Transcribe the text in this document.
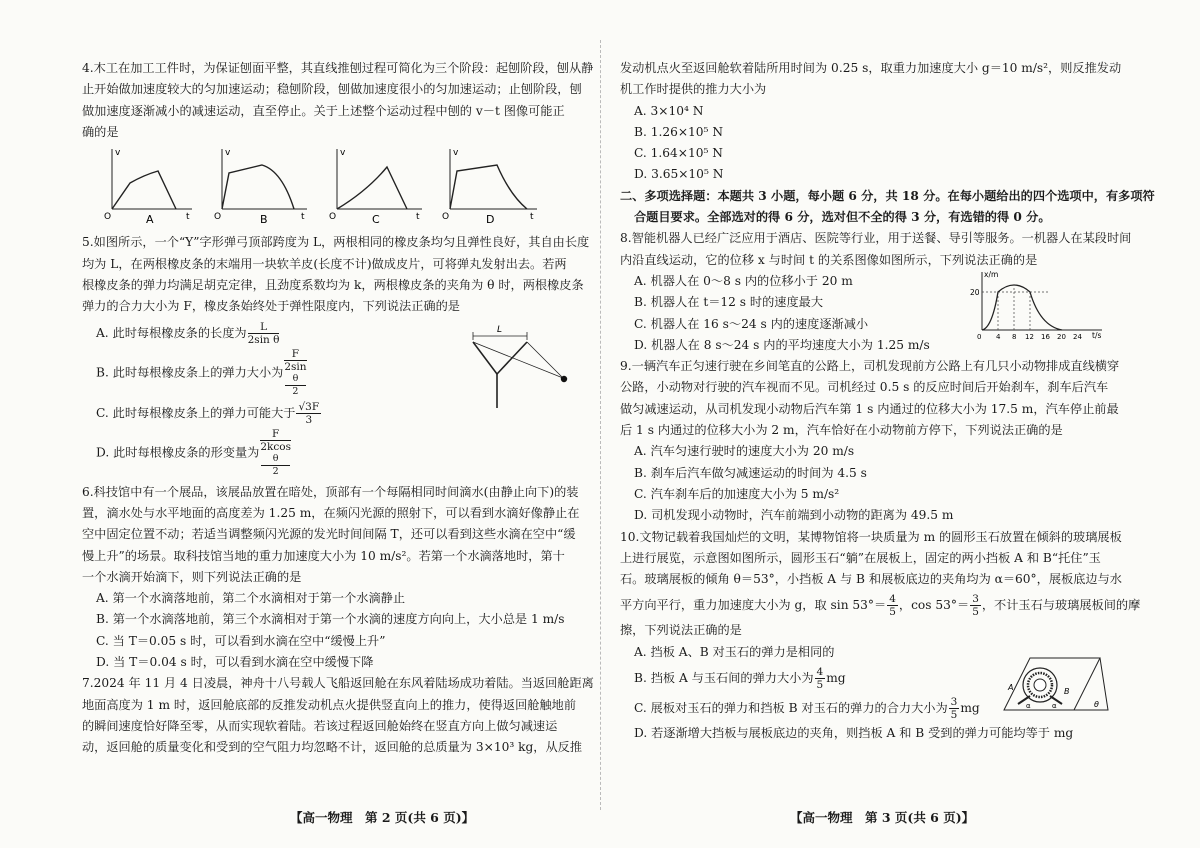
4.木工在加工工件时，为保证刨面平整，其直线推刨过程可简化为三个阶段：起刨阶段，刨从静

止开始做加速度较大的匀加速运动；稳刨阶段，刨做加速度很小的匀加速运动；止刨阶段，刨

做加速度逐渐减小的减速运动，直至停止。关于上述整个运动过程中刨的 v－t 图像可能正

确的是

v
t
O	A
v
t
O	B
v
t
O	C
v
t
O	D

5.如图所示，一个“Y”字形弹弓顶部跨度为 L，两根相同的橡皮条均匀且弹性良好，其自由长度

均为 L，在两根橡皮条的末端用一块软羊皮(长度不计)做成皮片，可将弹丸发射出去。若两

根橡皮条的弹力均满足胡克定律，且劲度系数均为 k，两根橡皮条的夹角为 θ 时，两根橡皮条

弹力的合力大小为 F，橡皮条始终处于弹性限度内，下列说法正确的是

A. 此时每根橡皮条的长度为 $\frac{L}{\text{2sin θ}}$

B. 此时每根橡皮条上的弹力大小为 F
2sin
θ
2

C. 此时每根橡皮条上的弹力可能大于 $\frac{√3F}{3}$

D. 此时每根橡皮条的形变量为 F
2kcos
θ
2

L

6.科技馆中有一个展品，该展品放置在暗处，顶部有一个每隔相同时间滴水(由静止向下)的装

置，滴水处与水平地面的高度差为 1.25 m，在频闪光源的照射下，可以看到水滴好像静止在

空中固定位置不动；若适当调整频闪光源的发光时间间隔 T，还可以看到这些水滴在空中“缓

慢上升”的场景。取科技馆当地的重力加速度大小为 10 m/s²。若第一个水滴落地时，第十

一个水滴开始滴下，则下列说法正确的是

A. 第一个水滴落地前，第二个水滴相对于第一个水滴静止

B. 第一个水滴落地前，第三个水滴相对于第一个水滴的速度方向向上，大小总是 1 m/s

C. 当 T＝0.05 s 时，可以看到水滴在空中“缓慢上升”

D. 当 T＝0.04 s 时，可以看到水滴在空中缓慢下降

7.2024 年 11 月 4 日凌晨，神舟十八号载人飞船返回舱在东风着陆场成功着陆。当返回舱距离

地面高度为 1 m 时，返回舱底部的反推发动机点火提供竖直向上的推力，使得返回舱触地前

的瞬间速度恰好降至零，从而实现软着陆。若该过程返回舱始终在竖直方向上做匀减速运

动，返回舱的质量变化和受到的空气阻力均忽略不计，返回舱的总质量为 3×10³ kg，从反推

【高一物理　第 2 页(共 6 页)】

发动机点火至返回舱软着陆所用时间为 0.25 s，取重力加速度大小 g＝10 m/s²，则反推发动

机工作时提供的推力大小为

A. 3×10⁴ N

B. 1.26×10⁵ N

C. 1.64×10⁵ N

D. 3.65×10⁵ N

二、多项选择题：本题共 3 小题，每小题 6 分，共 18 分。在每小题给出的四个选项中，有多项符

合题目要求。全部选对的得 6 分，选对但不全的得 3 分，有选错的得 0 分。

8.智能机器人已经广泛应用于酒店、医院等行业，用于送餐、导引等服务。一机器人在某段时间

内沿直线运动，它的位移 x 与时间 t 的关系图像如图所示，下列说法正确的是

A. 机器人在 0～8 s 内的位移小于 20 m

B. 机器人在 t＝12 s 时的速度最大

C. 机器人在 16 s～24 s 内的速度逐渐减小

D. 机器人在 8 s～24 s 内的平均速度大小为 1.25 m/s

x/m
t/s
20
0 4 8 12 16 20 24

9.一辆汽车正匀速行驶在乡间笔直的公路上，司机发现前方公路上有几只小动物排成直线横穿

公路，小动物对行驶的汽车视而不见。司机经过 0.5 s 的反应时间后开始刹车，刹车后汽车

做匀减速运动，从司机发现小动物后汽车第 1 s 内通过的位移大小为 17.5 m，汽车停止前最

后 1 s 内通过的位移大小为 2 m，汽车恰好在小动物前方停下，下列说法正确的是

A. 汽车匀速行驶时的速度大小为 20 m/s

B. 刹车后汽车做匀减速运动的时间为 4.5 s

C. 汽车刹车后的加速度大小为 5 m/s²

D. 司机发现小动物时，汽车前端到小动物的距离为 49.5 m

10.文物记载着我国灿烂的文明，某博物馆将一块质量为 m 的圆形玉石放置在倾斜的玻璃展板

上进行展览，示意图如图所示，圆形玉石“躺”在展板上，固定的两小挡板 A 和 B“托住”玉

石。玻璃展板的倾角 θ＝53°，小挡板 A 与 B 和展板底边的夹角均为 α＝60°，展板底边与水

平方向平行，重力加速度大小为 g，取 $\sin 53^\circ= \frac{4}{5}$ ，$\cos 53^\circ= \frac{3}{5}$ ，不计玉石与玻璃展板间的摩

擦，下列说法正确的是

A. 挡板 A、B 对玉石的弹力是相同的

B. 挡板 A 与玉石间的弹力大小为 $\frac{4}{5}$ mg

C. 展板对玉石的弹力和挡板 B 对玉石的弹力的合力大小为 $\frac{3}{5}$ mg

D. 若逐渐增大挡板与展板底边的夹角，则挡板 A 和 B 受到的弹力可能均等于 mg

A	B
α	α	θ
【高一物理　第 3 页(共 6 页)】
